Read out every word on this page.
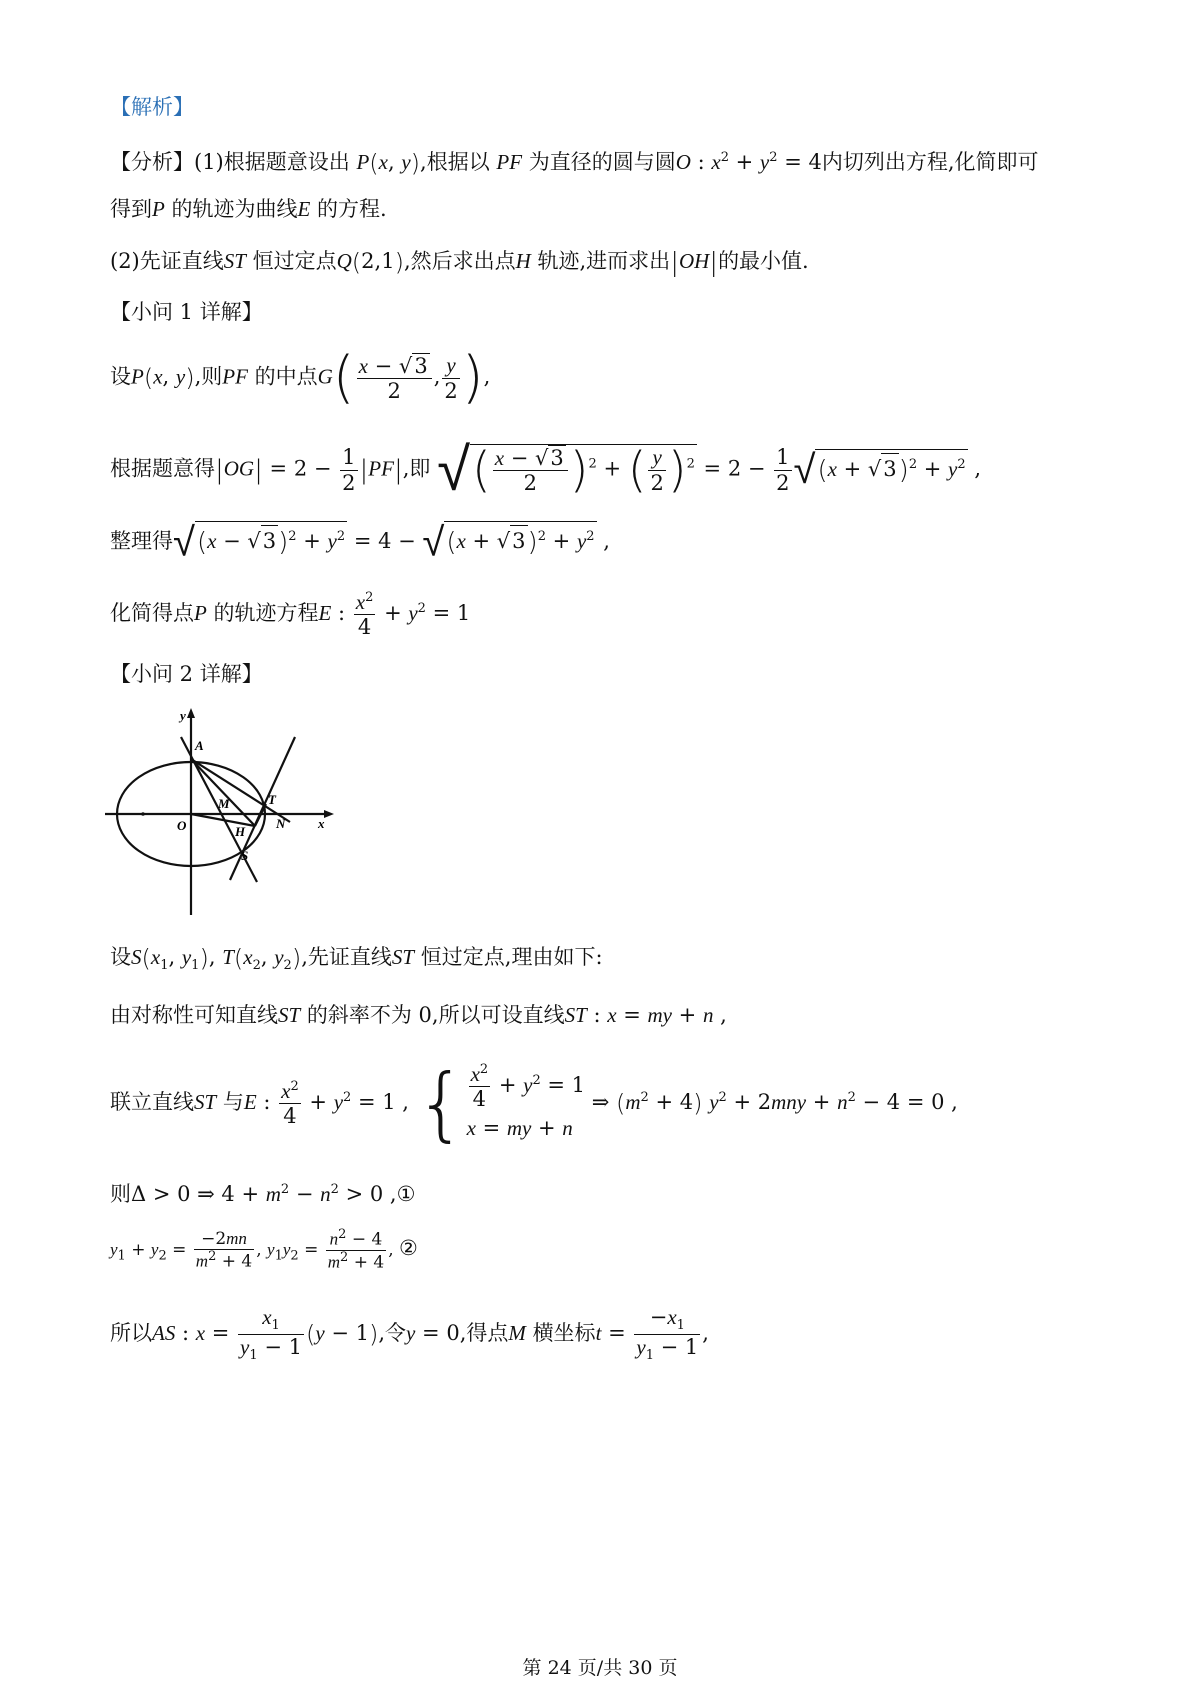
【解析】
【分析】(1)根据题意设出 P(x, y),根据以 PF 为直径的圆与圆O : $x^2 + y^2 = 4$内切列出方程,化简即可
得到P 的轨迹为曲线E 的方程.
(2)先证直线ST 恒过定点Q(2,1),然后求出点H 轨迹,进而求出|OH|的最小值.
【小问 1 详解】
设P(x, y),则PF 的中点$G( \frac{x - √3}{2}$ , $\frac{y}{2}$ ),
根据题意得$|OG| = 2 - \frac{1}{2} |PF|$,即 √( $\frac{x - √3}{2} )^2$ + ( $\frac{y}{2} )^2 = 2 - \frac{1}{2} √(x + √3)^2 + y^2$ ,
整理得$√(x - √3)^2 + y^2 = 4 - √(x + √3)^2 + y^2$ ,
化简得点P 的轨迹方程E : $\frac{x^2}{4} + y^2 = 1$
【小问 2 详解】
y
A
M	T
O	H
N	x
S
设$S(x_1$, $y_1$), $T(x_2$, $y_2$),先证直线ST 恒过定点,理由如下:
由对称性可知直线ST 的斜率不为 0,所以可设直线ST : x = my + n ,
联立直线ST 与E : $\frac{x^2}{4} + y^2 = 1$ , { $\frac{x^2}{4} + y^2 = 1$
x = my + n
⇒ $(m^2 + 4) y^2 + 2mny + n^2 - 4 = 0$ ,
则Δ > 0 ⇒ $4 + m^2 - n^2 > 0$ ,①
$y_1 + y_2 = \frac{-2mn}{m^2 + 4}$ , $y_1y_2 = \frac{n^2 - 4}{m^2 + 4}$ , ②
所以AS : $x = \frac{x_1}{y_1 - 1} (y - 1)$,令y = 0,得点M 横坐标$t = \frac{-x_1}{y_1 - 1}$ ,
第 24 页/共 30 页
